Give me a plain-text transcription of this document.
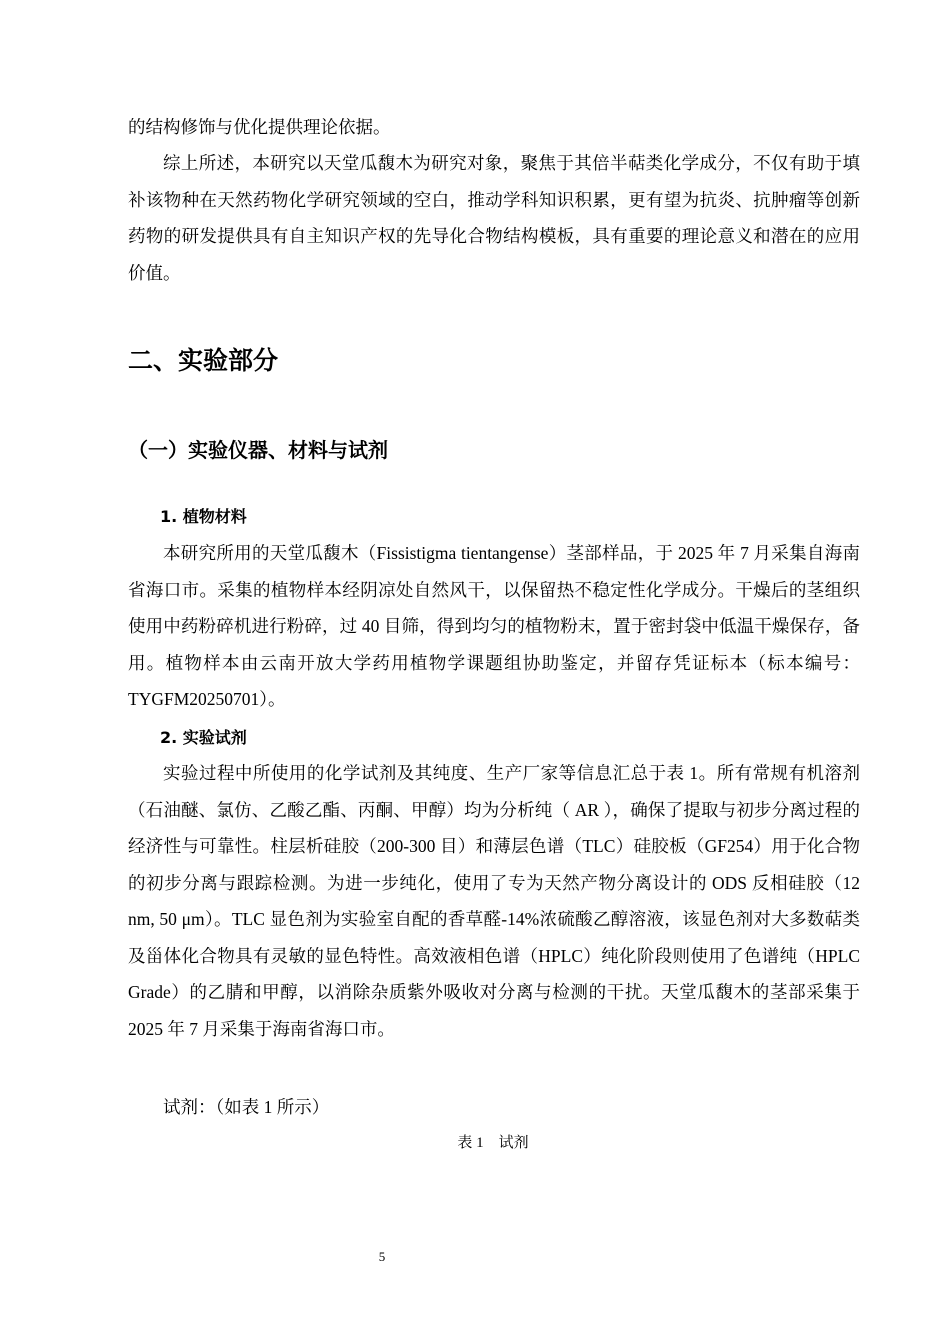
的结构修饰与优化提供理论依据。

综上所述，本研究以天堂瓜馥木为研究对象，聚焦于其倍半萜类化学成分，不仅有助于填补该物种在天然药物化学研究领域的空白，推动学科知识积累，更有望为抗炎、抗肿瘤等创新药物的研发提供具有自主知识产权的先导化合物结构模板，具有重要的理论意义和潜在的应用价值。

二、实验部分
（一）实验仪器、材料与试剂
1. 植物材料

本研究所用的天堂瓜馥木（Fissistigma tientangense）茎部样品，于 2025 年 7 月采集自海南省海口市。采集的植物样本经阴凉处自然风干，以保留热不稳定性化学成分。干燥后的茎组织使用中药粉碎机进行粉碎，过 40 目筛，得到均匀的植物粉末，置于密封袋中低温干燥保存，备用。植物样本由云南开放大学药用植物学课题组协助鉴定，并留存凭证标本（标本编号：TYGFM20250701）。

2. 实验试剂

实验过程中所使用的化学试剂及其纯度、生产厂家等信息汇总于表 1。所有常规有机溶剂（石油醚、氯仿、乙酸乙酯、丙酮、甲醇）均为分析纯（ AR ），确保了提取与初步分离过程的经济性与可靠性。柱层析硅胶（200-300 目）和薄层色谱（TLC）硅胶板（GF254）用于化合物的初步分离与跟踪检测。为进一步纯化，使用了专为天然产物分离设计的 ODS 反相硅胶（12 nm, 50 μm）。TLC 显色剂为实验室自配的香草醛-14%浓硫酸乙醇溶液，该显色剂对大多数萜类及甾体化合物具有灵敏的显色特性。高效液相色谱（HPLC）纯化阶段则使用了色谱纯（HPLC Grade）的乙腈和甲醇，以消除杂质紫外吸收对分离与检测的干扰。天堂瓜馥木的茎部采集于 2025 年 7 月采集于海南省海口市。

试剂：（如表 1 所示）

表 1　试剂

5
